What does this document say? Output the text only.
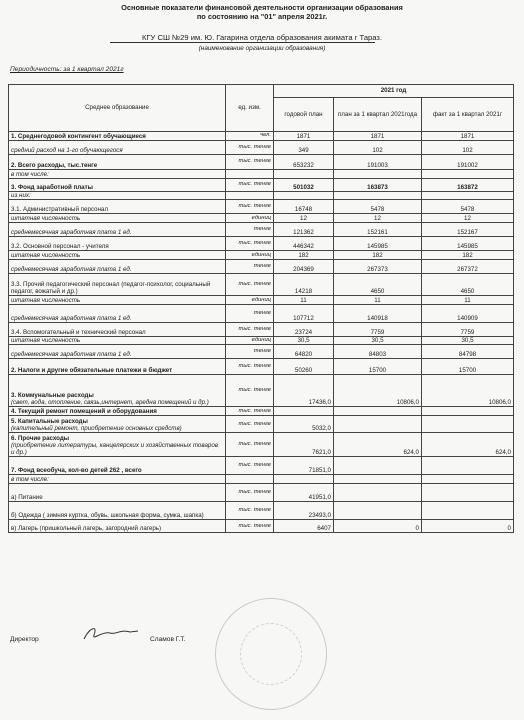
Основные показатели финансовой деятельности организации образования
по состоянию на "01" апреля 2021г.
КГУ СШ №29 им. Ю. Гагарина отдела образования акимата г Тараз.
(наименование организации образования)
Периодичность: за 1 квартал 2021г
Среднее образование	ед. изм.	2021 год		
		годовой план	план за 1 квартал 2021года	факт за 1 квартал 2021г

1. Среднегодовой контингент обучающиеся	чел.	1871	1871	1871

средний расход на 1-го обучающегося	тыс. тенге	349	102	102

2. Всего расходы, тыс.тенге	тыс. тенге	653232	191003	191002

в том числе:				

3. Фонд заработной платы	тыс. тенге	501032	163873	163872

из них:				

3.1. Административный персонал	тыс. тенге	16748	5478	5478

штатная численность	единиц	12	12	12

среднемесячная заработная плата 1 ед.	тенге	121362	152161	152167

3.2. Основной персонал - учителя	тыс. тенге	446342	145985	145985

штатная численность	единиц	182	182	182

среднемесячная заработная плата 1 ед.	тенге	204369	267373	267372

3.3. Прочий педагогический персонал (педагог-психолог, социальный педагог, вожатый и др.)	тыс. тенге	14218	4650	4650

штатная численность	единиц	11	11	11

среднемесячная заработная плата 1 ед.	тенге	107712	140918	140909

3.4. Вспомогательный и технический персонал	тыс. тенге	23724	7759	7759

штатная численность	единиц	30,5	30,5	30,5

среднемесячная заработная плата 1 ед.	тенге	64820	84803	84798

2. Налоги и другие обязательные платежи в бюджет	тыс. тенге	50260	15700	15700

3. Коммунальные расходы
(свет, вода, отопление, связь,интернет, аредна помещений и др.)	тыс. тенге	17436,0	10806,0	10806,0

4. Текущий ремонт помещений и оборудования	тыс. тенге			

5. Капитальные расходы
(капительный ремонт, приобретение основных средств)	тыс. тенге	5032,0		

6. Прочие расходы
(приобретение литературы, канцелярских и хозяйственных товаров и др.)	тыс. тенге	7621,0	624,0	624,0

7. Фонд всеобуча, кол-во детей 262 , всего	тыс. тенге	71851,0		

в том числе:				

а) Питание	тыс. тенге	41951,0		

б) Одежда ( зимняя куртка, обувь, школьная форма, сумка, шапка)	тыс. тенге	23493,0		

в) Лагерь (пришкольный лагерь, загородний лагерь)	тыс. тенге	6407	0	0
Директор	Сламов Г.Т.
